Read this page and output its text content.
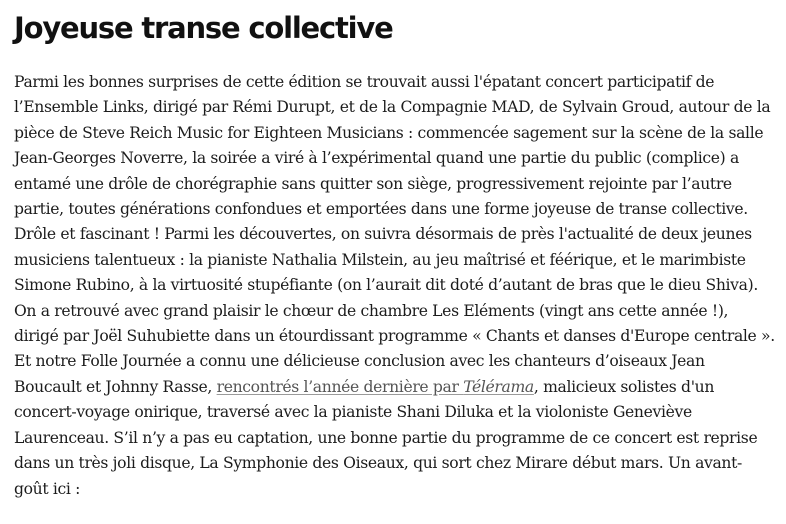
Joyeuse transe collective

Parmi les bonnes surprises de cette édition se trouvait aussi l'épatant concert participatif de l’Ensemble Links, dirigé par Rémi Durupt, et de la Compagnie MAD, de Sylvain Groud, autour de la pièce de Steve Reich Music for Eighteen Musicians : commencée sagement sur la scène de la salle Jean-Georges Noverre, la soirée a viré à l’expérimental quand une partie du public (complice) a entamé une drôle de chorégraphie sans quitter son siège, progressivement rejointe par l’autre partie, toutes générations confondues et emportées dans une forme joyeuse de transe collective. Drôle et fascinant ! Parmi les découvertes, on suivra désormais de près l'actualité de deux jeunes musiciens talentueux : la pianiste Nathalia Milstein, au jeu maîtrisé et féérique, et le marimbiste Simone Rubino, à la virtuosité stupéfiante (on l’aurait dit doté d’autant de bras que le dieu Shiva). On a retrouvé avec grand plaisir le chœur de chambre Les Eléments (vingt ans cette année !), dirigé par Joël Suhubiette dans un étourdissant programme « Chants et danses d'Europe centrale ». Et notre Folle Journée a connu une délicieuse conclusion avec les chanteurs d’oiseaux Jean Boucault et Johnny Rasse, rencontrés l’année dernière par Télérama, malicieux solistes d'un concert-voyage onirique, traversé avec la pianiste Shani Diluka et la violoniste Geneviève Laurenceau. S’il n’y a pas eu captation, une bonne partie du programme de ce concert est reprise dans un très joli disque, La Symphonie des Oiseaux, qui sort chez Mirare début mars. Un avant-goût ici :
